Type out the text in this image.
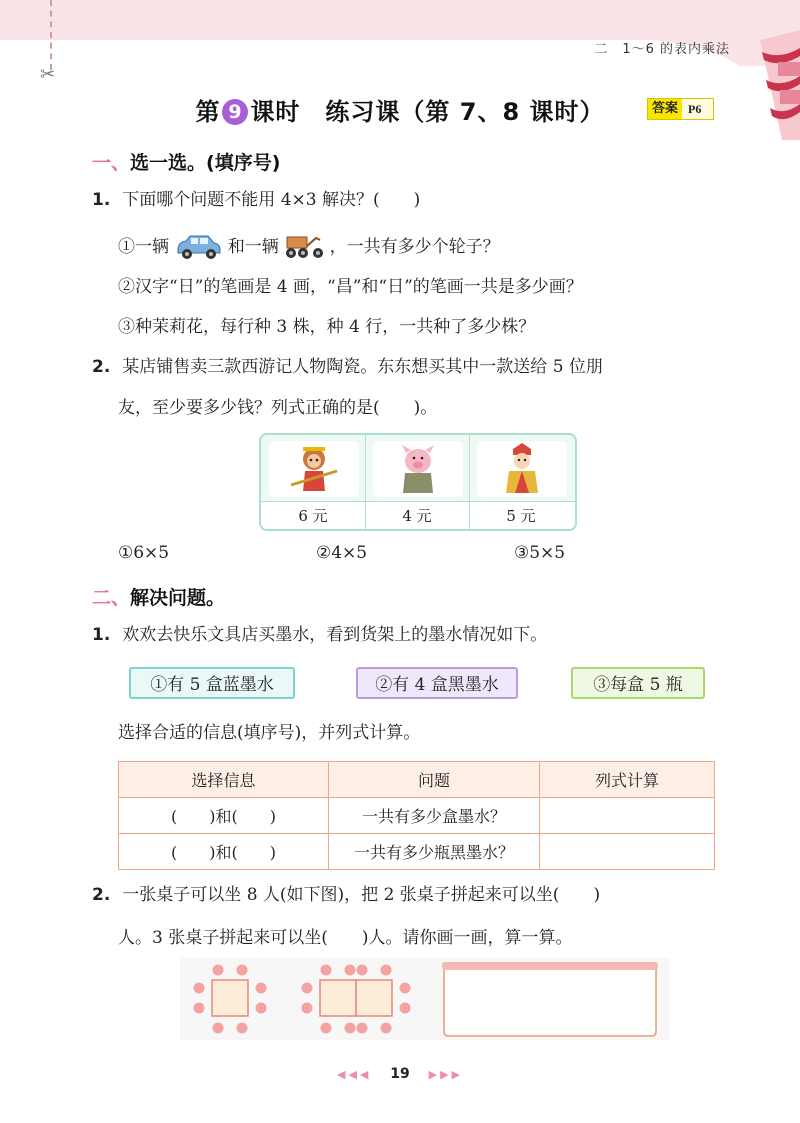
✂
二　1～6 的表内乘法
第 9 课时　练习课（第 7、8 课时）	答案 P6
一、选一选。(填序号)
1. 下面哪个问题不能用 4×3 解决？(　　)
①一辆	和一辆	，一共有多少个轮子？
②汉字“日”的笔画是 4 画，“昌”和“日”的笔画一共是多少画？
③种茉莉花，每行种 3 株，种 4 行，一共种了多少株？
2. 某店铺售卖三款西游记人物陶瓷。东东想买其中一款送给 5 位朋
友，至少要多少钱？列式正确的是(　　)。
6 元	4 元	5 元
①6×5	②4×5	③5×5
二、解决问题。
1. 欢欢去快乐文具店买墨水，看到货架上的墨水情况如下。
①有 5 盒蓝墨水	②有 4 盒黑墨水	③每盒 5 瓶
选择合适的信息(填序号)，并列式计算。
选择信息	问题	列式计算
(　　)和(　　)	一共有多少盒墨水？	
(　　)和(　　)	一共有多少瓶黑墨水？	
2. 一张桌子可以坐 8 人(如下图)，把 2 张桌子拼起来可以坐(　　)
人。3 张桌子拼起来可以坐(　　)人。请你画一画，算一算。
◀◀◀ 19 ▶▶▶
